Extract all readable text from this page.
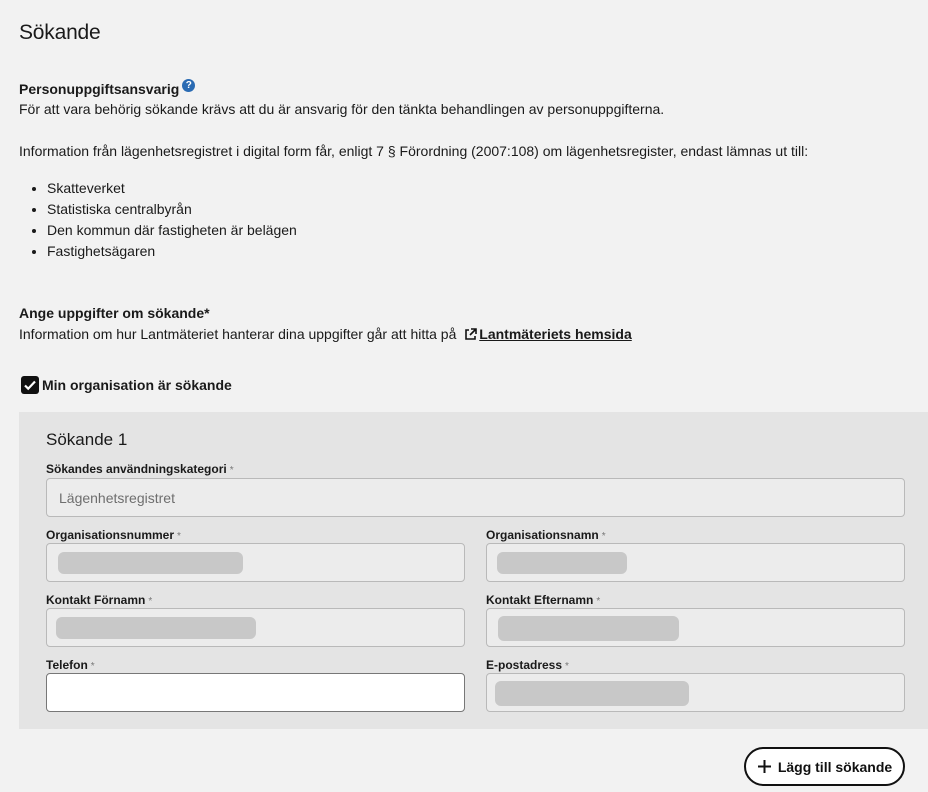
Sökande
Personuppgiftsansvarig ?
För att vara behörig sökande krävs att du är ansvarig för den tänkta behandlingen av personuppgifterna.
Information från lägenhetsregistret i digital form får, enligt 7 § Förordning (2007:108) om lägenhetsregister, endast lämnas ut till:
• Skatteverket
• Statistiska centralbyrån
• Den kommun där fastigheten är belägen
• Fastighetsägaren
Ange uppgifter om sökande*
Information om hur Lantmäteriet hanterar dina uppgifter går att hitta på Lantmäteriets hemsida
Min organisation är sökande
Sökande 1
Sökandes användningskategori *
Lägenhetsregistret
Organisationsnummer *	Organisationsnamn *
Kontakt Förnamn *	Kontakt Efternamn *
Telefon *	E-postadress *
Lägg till sökande
